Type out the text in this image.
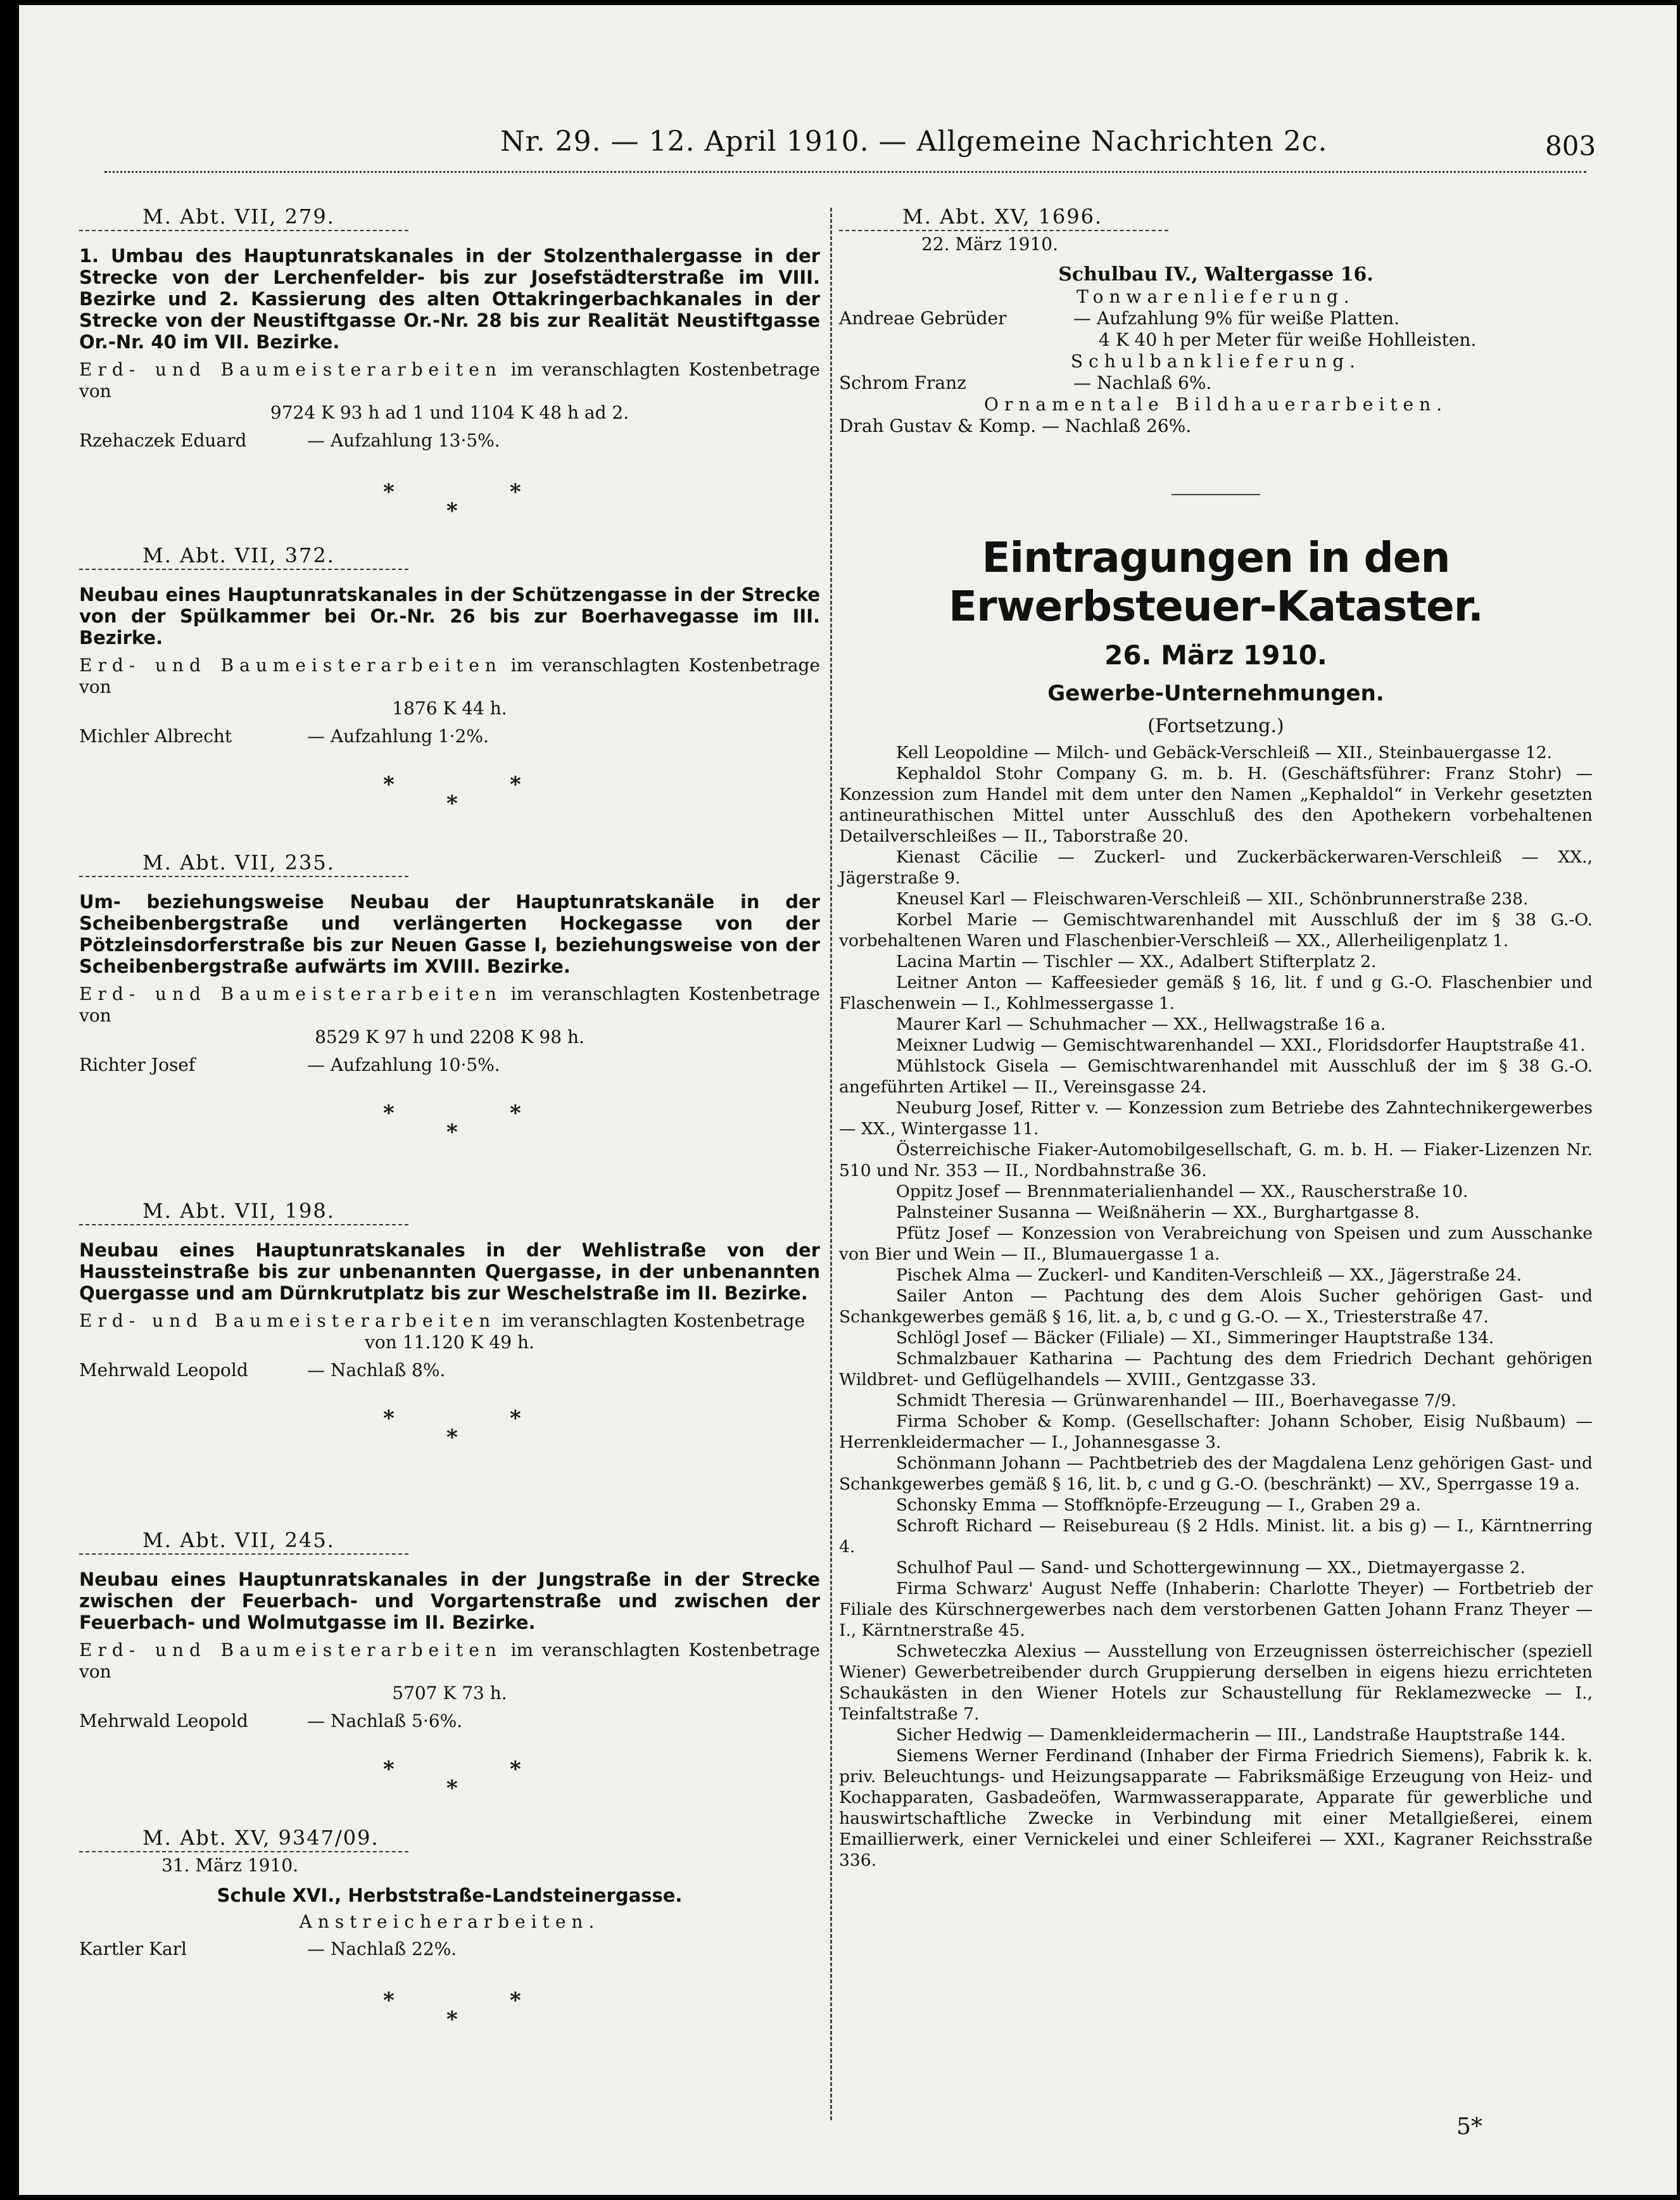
Nr. 29. — 12. April 1910. — Allgemeine Nachrichten 2c.	803
M. Abt. VII, 279.
1. Umbau des Hauptunratskanales in der Stolzenthalergasse in der Strecke von der Lerchenfelder- bis zur Josefstädterstraße im VIII. Bezirke und 2. Kassierung des alten Ottakringerbachkanales in der Strecke von der Neustiftgasse Or.-Nr. 28 bis zur Realität Neustiftgasse Or.-Nr. 40 im VII. Bezirke.
Erd- und Baumeisterarbeiten im veranschlagten Kostenbetrage von
9724 K 93 h ad 1 und 1104 K 48 h ad 2.
Rzehaczek Eduard	— Aufzahlung 13·5%.
*	*
*
M. Abt. VII, 372.
Neubau eines Hauptunratskanales in der Schützengasse in der Strecke von der Spülkammer bei Or.-Nr. 26 bis zur Boerhavegasse im III. Bezirke.
Erd- und Baumeisterarbeiten im veranschlagten Kostenbetrage von
1876 K 44 h.
Michler Albrecht	— Aufzahlung 1·2%.
*	*
*
M. Abt. VII, 235.
Um- beziehungsweise Neubau der Hauptunratskanäle in der Scheibenbergstraße und verlängerten Hockegasse von der Pötzleinsdorferstraße bis zur Neuen Gasse I, beziehungsweise von der Scheibenbergstraße aufwärts im XVIII. Bezirke.
Erd- und Baumeisterarbeiten im veranschlagten Kostenbetrage von
8529 K 97 h und 2208 K 98 h.
Richter Josef	— Aufzahlung 10·5%.
*	*
*
M. Abt. VII, 198.
Neubau eines Hauptunratskanales in der Wehlistraße von der Haussteinstraße bis zur unbenannten Quergasse, in der unbenannten Quergasse und am Dürnkrutplatz bis zur Weschelstraße im II. Bezirke.
Erd- und Baumeisterarbeiten im veranschlagten Kostenbetrage
von 11.120 K 49 h.
Mehrwald Leopold	— Nachlaß 8%.
*	*
*
M. Abt. VII, 245.
Neubau eines Hauptunratskanales in der Jungstraße in der Strecke zwischen der Feuerbach- und Vorgartenstraße und zwischen der Feuerbach- und Wolmutgasse im II. Bezirke.
Erd- und Baumeisterarbeiten im veranschlagten Kostenbetrage von
5707 K 73 h.
Mehrwald Leopold	— Nachlaß 5·6%.
*	*
*
M. Abt. XV, 9347/09.
31. März 1910.
Schule XVI., Herbststraße-Landsteinergasse.
Anstreicherarbeiten.
Kartler Karl	— Nachlaß 22%.
*	*
*
M. Abt. XV, 1696.
22. März 1910.
Schulbau IV., Waltergasse 16.
Tonwarenlieferung.
Andreae Gebrüder	— Aufzahlung 9% für weiße Platten.
4 K 40 h per Meter für weiße Hohlleisten.
Schulbanklieferung.
Schrom Franz	— Nachlaß 6%.
Ornamentale Bildhauerarbeiten.
Drah Gustav & Komp. — Nachlaß 26%.
Eintragungen in den Erwerbsteuer-Kataster.
26. März 1910.
Gewerbe-Unternehmungen.
(Fortsetzung.)

Kell Leopoldine — Milch- und Gebäck-Verschleiß — XII., Steinbauergasse 12.

Kephaldol Stohr Company G. m. b. H. (Geschäftsführer: Franz Stohr) — Konzession zum Handel mit dem unter den Namen „Kephaldol“ in Verkehr gesetzten antineurathischen Mittel unter Ausschluß des den Apothekern vorbehaltenen Detailverschleißes — II., Taborstraße 20.

Kienast Cäcilie — Zuckerl- und Zuckerbäckerwaren-Verschleiß — XX., Jägerstraße 9.

Kneusel Karl — Fleischwaren-Verschleiß — XII., Schönbrunnerstraße 238.

Korbel Marie — Gemischtwarenhandel mit Ausschluß der im § 38 G.-O. vorbehaltenen Waren und Flaschenbier-Verschleiß — XX., Allerheiligenplatz 1.

Lacina Martin — Tischler — XX., Adalbert Stifterplatz 2.

Leitner Anton — Kaffeesieder gemäß § 16, lit. f und g G.-O. Flaschenbier und Flaschenwein — I., Kohlmessergasse 1.

Maurer Karl — Schuhmacher — XX., Hellwagstraße 16 a.

Meixner Ludwig — Gemischtwarenhandel — XXI., Floridsdorfer Hauptstraße 41.

Mühlstock Gisela — Gemischtwarenhandel mit Ausschluß der im § 38 G.-O. angeführten Artikel — II., Vereinsgasse 24.

Neuburg Josef, Ritter v. — Konzession zum Betriebe des Zahntechnikergewerbes — XX., Wintergasse 11.

Österreichische Fiaker-Automobilgesellschaft, G. m. b. H. — Fiaker-Lizenzen Nr. 510 und Nr. 353 — II., Nordbahnstraße 36.

Oppitz Josef — Brennmaterialienhandel — XX., Rauscherstraße 10.

Palnsteiner Susanna — Weißnäherin — XX., Burghartgasse 8.

Pfütz Josef — Konzession von Verabreichung von Speisen und zum Ausschanke von Bier und Wein — II., Blumauergasse 1 a.

Pischek Alma — Zuckerl- und Kanditen-Verschleiß — XX., Jägerstraße 24.

Sailer Anton — Pachtung des dem Alois Sucher gehörigen Gast- und Schankgewerbes gemäß § 16, lit. a, b, c und g G.-O. — X., Triesterstraße 47.

Schlögl Josef — Bäcker (Filiale) — XI., Simmeringer Hauptstraße 134.

Schmalzbauer Katharina — Pachtung des dem Friedrich Dechant gehörigen Wildbret- und Geflügelhandels — XVIII., Gentzgasse 33.

Schmidt Theresia — Grünwarenhandel — III., Boerhavegasse 7/9.

Firma Schober & Komp. (Gesellschafter: Johann Schober, Eisig Nußbaum) — Herrenkleidermacher — I., Johannesgasse 3.

Schönmann Johann — Pachtbetrieb des der Magdalena Lenz gehörigen Gast- und Schankgewerbes gemäß § 16, lit. b, c und g G.-O. (beschränkt) — XV., Sperrgasse 19 a.

Schonsky Emma — Stoffknöpfe-Erzeugung — I., Graben 29 a.

Schroft Richard — Reisebureau (§ 2 Hdls. Minist. lit. a bis g) — I., Kärntnerring 4.

Schulhof Paul — Sand- und Schottergewinnung — XX., Dietmayergasse 2.

Firma Schwarz' August Neffe (Inhaberin: Charlotte Theyer) — Fortbetrieb der Filiale des Kürschnergewerbes nach dem verstorbenen Gatten Johann Franz Theyer — I., Kärntnerstraße 45.

Schweteczka Alexius — Ausstellung von Erzeugnissen österreichischer (speziell Wiener) Gewerbetreibender durch Gruppierung derselben in eigens hiezu errichteten Schaukästen in den Wiener Hotels zur Schaustellung für Reklamezwecke — I., Teinfaltstraße 7.

Sicher Hedwig — Damenkleidermacherin — III., Landstraße Hauptstraße 144.

Siemens Werner Ferdinand (Inhaber der Firma Friedrich Siemens), Fabrik k. k. priv. Beleuchtungs- und Heizungsapparate — Fabriksmäßige Erzeugung von Heiz- und Kochapparaten, Gasbadeöfen, Warmwasserapparate, Apparate für gewerbliche und hauswirtschaftliche Zwecke in Verbindung mit einer Metallgießerei, einem Emaillierwerk, einer Vernickelei und einer Schleiferei — XXI., Kagraner Reichsstraße 336.

5*
